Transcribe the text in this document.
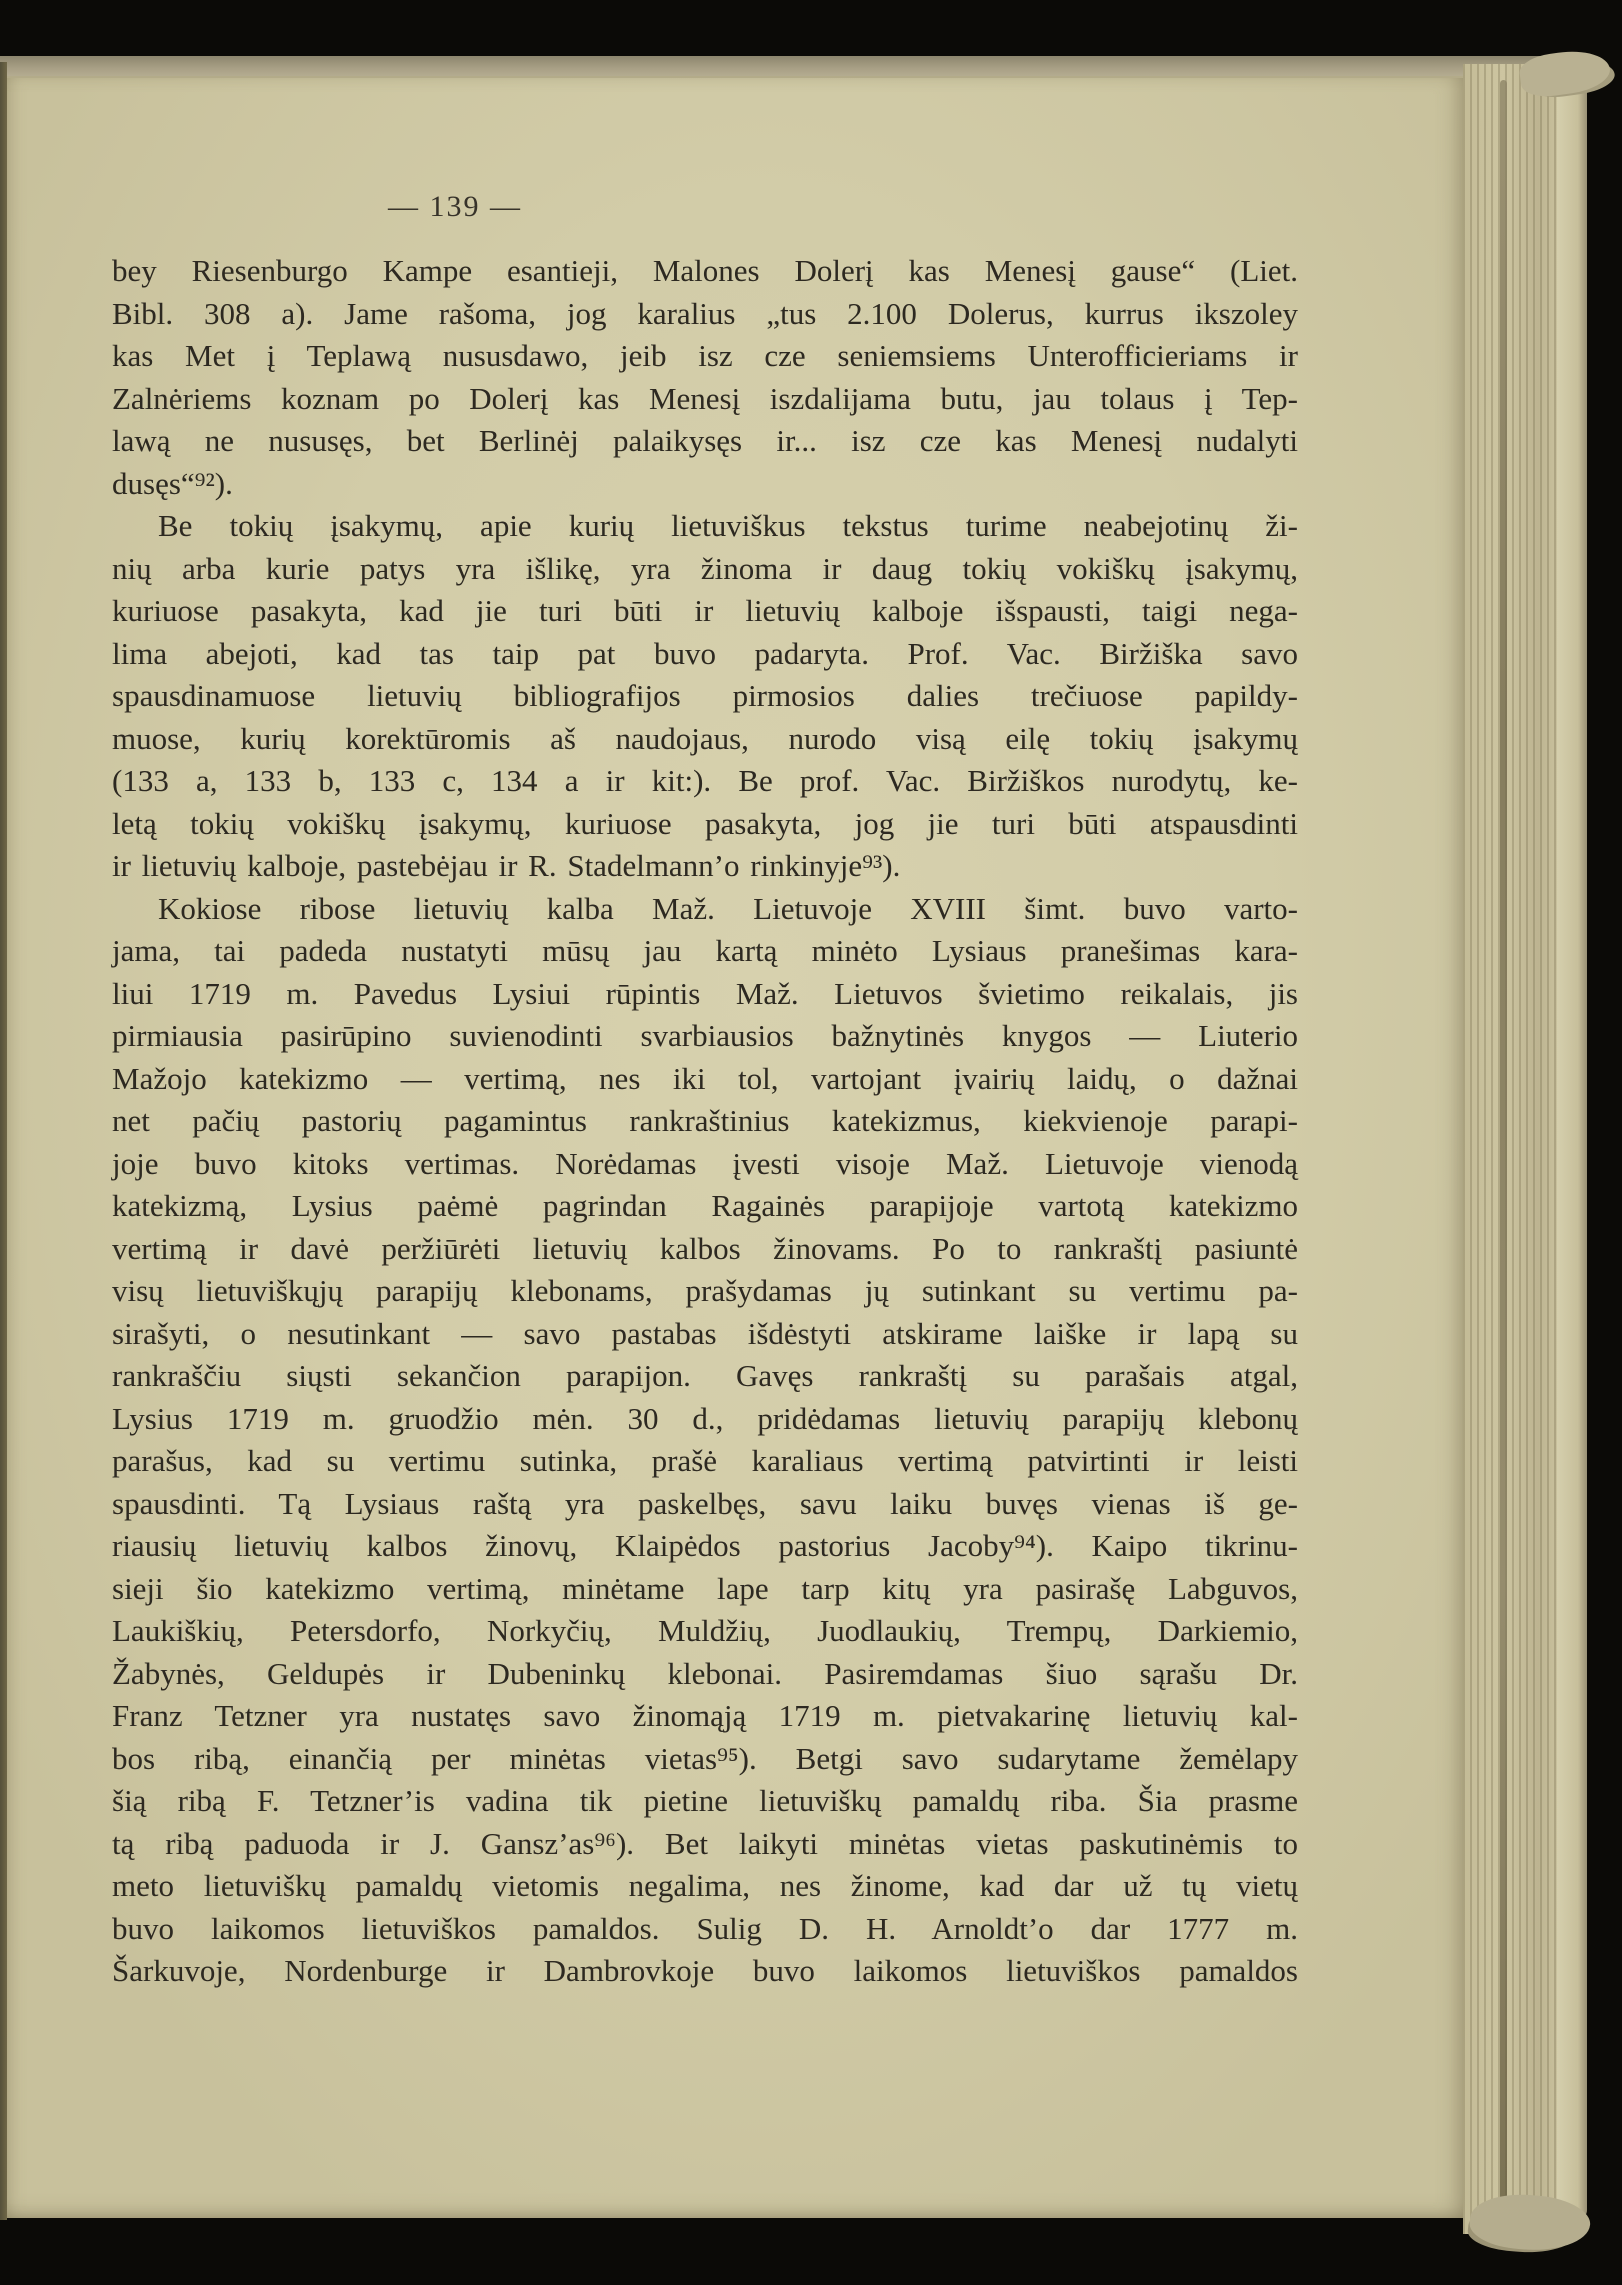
— 139 —
bey Riesenburgo Kampe esantieji, Malones Dolerį kas Menesį gause“ (Liet.
Bibl. 308 a). Jame rašoma, jog karalius „tus 2.100 Dolerus, kurrus ikszoley
kas Met į Teplawą nususdawo, jeib isz cze seniemsiems Unterofficieriams ir
Zalnėriems koznam po Dolerį kas Menesį iszdalijama butu, jau tolaus į Tep-
lawą ne nususęs, bet Berlinėj palaikysęs ir... isz cze kas Menesį nudalyti
dusęs“⁹²).
Be tokių įsakymų, apie kurių lietuviškus tekstus turime neabejotinų ži-
nių arba kurie patys yra išlikę, yra žinoma ir daug tokių vokiškų įsakymų,
kuriuose pasakyta, kad jie turi būti ir lietuvių kalboje išspausti, taigi nega-
lima abejoti, kad tas taip pat buvo padaryta. Prof. Vac. Biržiška savo
spausdinamuose lietuvių bibliografijos pirmosios dalies trečiuose papildy-
muose, kurių korektūromis aš naudojaus, nurodo visą eilę tokių įsakymų
(133 a, 133 b, 133 c, 134 a ir kit:). Be prof. Vac. Biržiškos nurodytų, ke-
letą tokių vokiškų įsakymų, kuriuose pasakyta, jog jie turi būti atspausdinti
ir lietuvių kalboje, pastebėjau ir R. Stadelmann’o rinkinyje⁹³).
Kokiose ribose lietuvių kalba Maž. Lietuvoje XVIII šimt. buvo varto-
jama, tai padeda nustatyti mūsų jau kartą minėto Lysiaus pranešimas kara-
liui 1719 m. Pavedus Lysiui rūpintis Maž. Lietuvos švietimo reikalais, jis
pirmiausia pasirūpino suvienodinti svarbiausios bažnytinės knygos — Liuterio
Mažojo katekizmo — vertimą, nes iki tol, vartojant įvairių laidų, o dažnai
net pačių pastorių pagamintus rankraštinius katekizmus, kiekvienoje parapi-
joje buvo kitoks vertimas. Norėdamas įvesti visoje Maž. Lietuvoje vienodą
katekizmą, Lysius paėmė pagrindan Ragainės parapijoje vartotą katekizmo
vertimą ir davė peržiūrėti lietuvių kalbos žinovams. Po to rankraštį pasiuntė
visų lietuviškųjų parapijų klebonams, prašydamas jų sutinkant su vertimu pa-
sirašyti, o nesutinkant — savo pastabas išdėstyti atskirame laiške ir lapą su
rankraščiu siųsti sekančion parapijon. Gavęs rankraštį su parašais atgal,
Lysius 1719 m. gruodžio mėn. 30 d., pridėdamas lietuvių parapijų klebonų
parašus, kad su vertimu sutinka, prašė karaliaus vertimą patvirtinti ir leisti
spausdinti. Tą Lysiaus raštą yra paskelbęs, savu laiku buvęs vienas iš ge-
riausių lietuvių kalbos žinovų, Klaipėdos pastorius Jacoby⁹⁴). Kaipo tikrinu-
sieji šio katekizmo vertimą, minėtame lape tarp kitų yra pasirašę Labguvos,
Laukiškių, Petersdorfo, Norkyčių, Muldžių, Juodlaukių, Trempų, Darkiemio,
Žabynės, Geldupės ir Dubeninkų klebonai. Pasiremdamas šiuo sąrašu Dr.
Franz Tetzner yra nustatęs savo žinomąją 1719 m. pietvakarinę lietuvių kal-
bos ribą, einančią per minėtas vietas⁹⁵). Betgi savo sudarytame žemėlapy
šią ribą F. Tetzner’is vadina tik pietine lietuviškų pamaldų riba. Šia prasme
tą ribą paduoda ir J. Gansz’as⁹⁶). Bet laikyti minėtas vietas paskutinėmis to
meto lietuviškų pamaldų vietomis negalima, nes žinome, kad dar už tų vietų
buvo laikomos lietuviškos pamaldos. Sulig D. H. Arnoldt’o dar 1777 m.
Šarkuvoje, Nordenburge ir Dambrovkoje buvo laikomos lietuviškos pamaldos
